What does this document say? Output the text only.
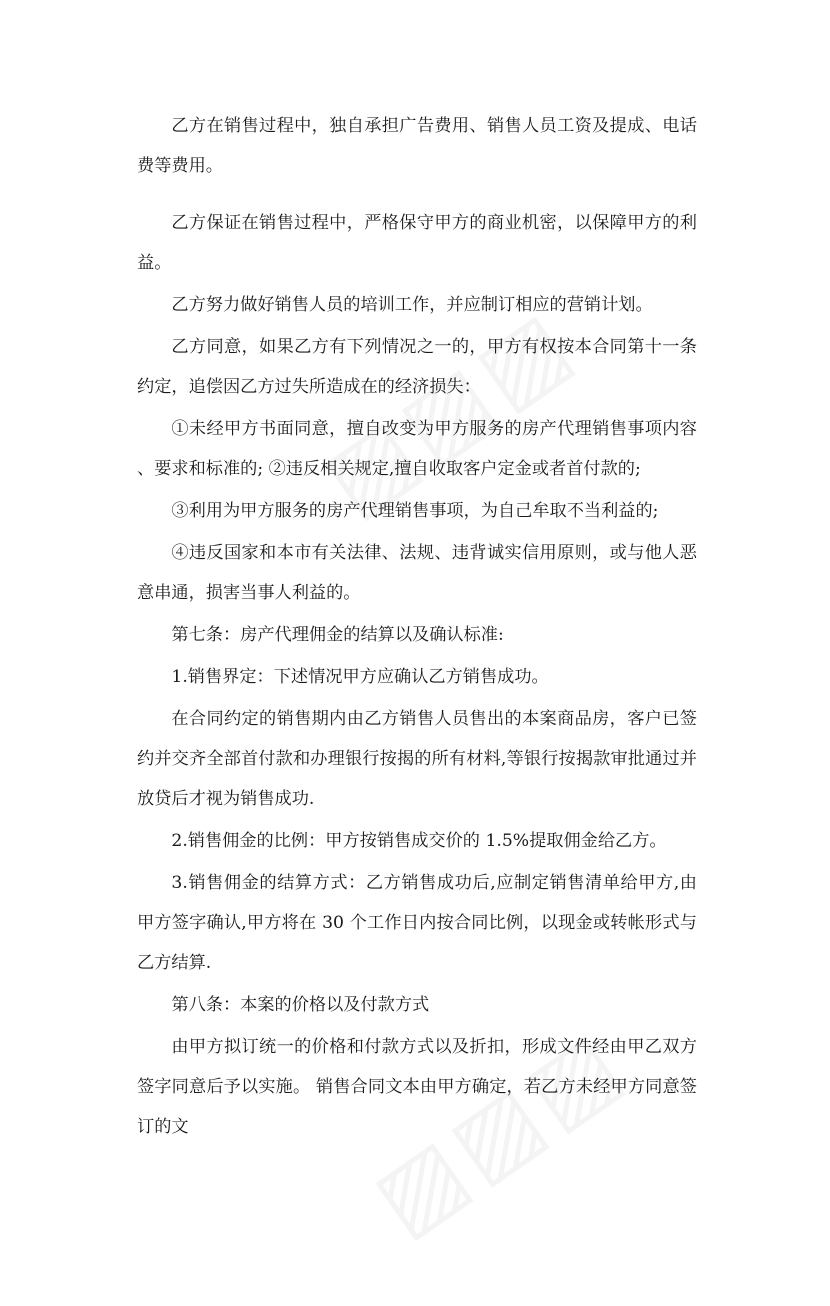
乙方在销售过程中，独自承担广告费用、销售人员工资及提成、电话费等费用。

乙方保证在销售过程中，严格保守甲方的商业机密，以保障甲方的利益。

乙方努力做好销售人员的培训工作，并应制订相应的营销计划。

乙方同意，如果乙方有下列情况之一的，甲方有权按本合同第十一条约定，追偿因乙方过失所造成在的经济损失：

①未经甲方书面同意，擅自改变为甲方服务的房产代理销售事项内容 、要求和标准的; ②违反相关规定,擅自收取客户定金或者首付款的;

③利用为甲方服务的房产代理销售事项，为自己牟取不当利益的;

④违反国家和本市有关法律、法规、违背诚实信用原则，或与他人恶意串通，损害当事人利益的。

第七条：房产代理佣金的结算以及确认标准:

1.销售界定：下述情况甲方应确认乙方销售成功。

在合同约定的销售期内由乙方销售人员售出的本案商品房，客户已签约并交齐全部首付款和办理银行按揭的所有材料,等银行按揭款审批通过并放贷后才视为销售成功.

2.销售佣金的比例：甲方按销售成交价的 1.5%提取佣金给乙方。

3.销售佣金的结算方式：乙方销售成功后,应制定销售清单给甲方,由甲方签字确认,甲方将在 30 个工作日内按合同比例，以现金或转帐形式与乙方结算.

第八条：本案的价格以及付款方式

由甲方拟订统一的价格和付款方式以及折扣，形成文件经由甲乙双方签字同意后予以实施。 销售合同文本由甲方确定，若乙方未经甲方同意签订的文
